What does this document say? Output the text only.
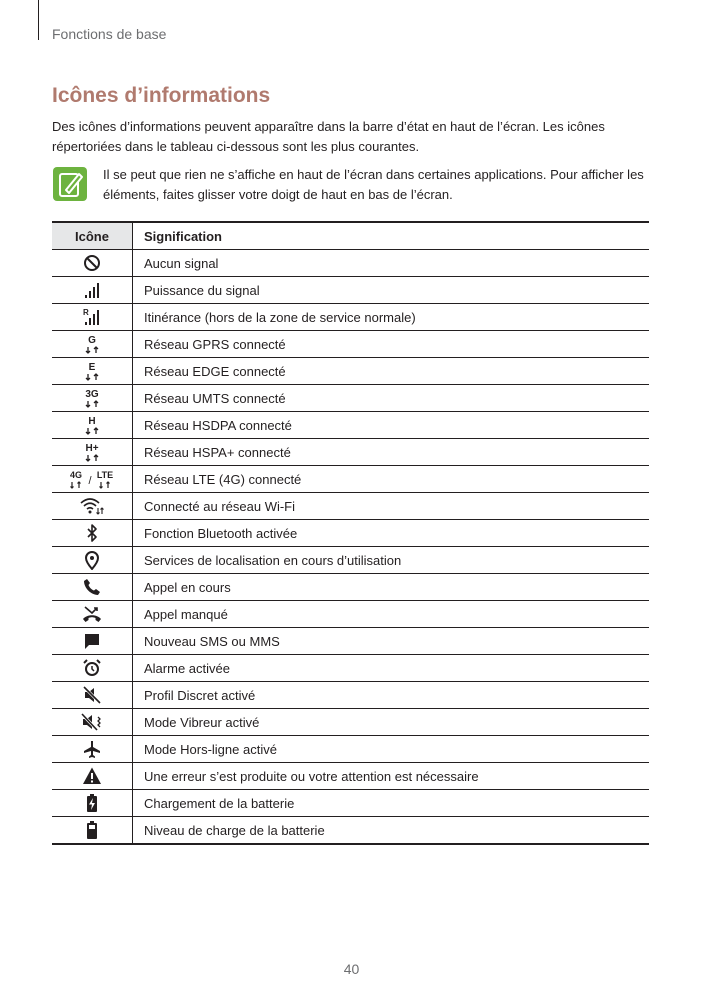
Fonctions de base
Icônes d’informations

Des icônes d’informations peuvent apparaître dans la barre d’état en haut de l’écran. Les icônes répertoriées dans le tableau ci-dessous sont les plus courantes.

Il se peut que rien ne s’affiche en haut de l’écran dans certaines applications. Pour afficher les éléments, faites glisser votre doigt de haut en bas de l’écran.

Icône	Signification

	Aucun signal

	Puissance du signal

R	Itinérance (hors de la zone de service normale)

G	Réseau GPRS connecté

E	Réseau EDGE connecté

3G	Réseau UMTS connecté

H	Réseau HSDPA connecté

H+	Réseau HSPA+ connecté

4G / LTE	Réseau LTE (4G) connecté

	Connecté au réseau Wi-Fi

	Fonction Bluetooth activée

	Services de localisation en cours d’utilisation

	Appel en cours

	Appel manqué

	Nouveau SMS ou MMS

	Alarme activée

	Profil Discret activé

	Mode Vibreur activé

	Mode Hors-ligne activé

	Une erreur s’est produite ou votre attention est nécessaire

	Chargement de la batterie

	Niveau de charge de la batterie
40
